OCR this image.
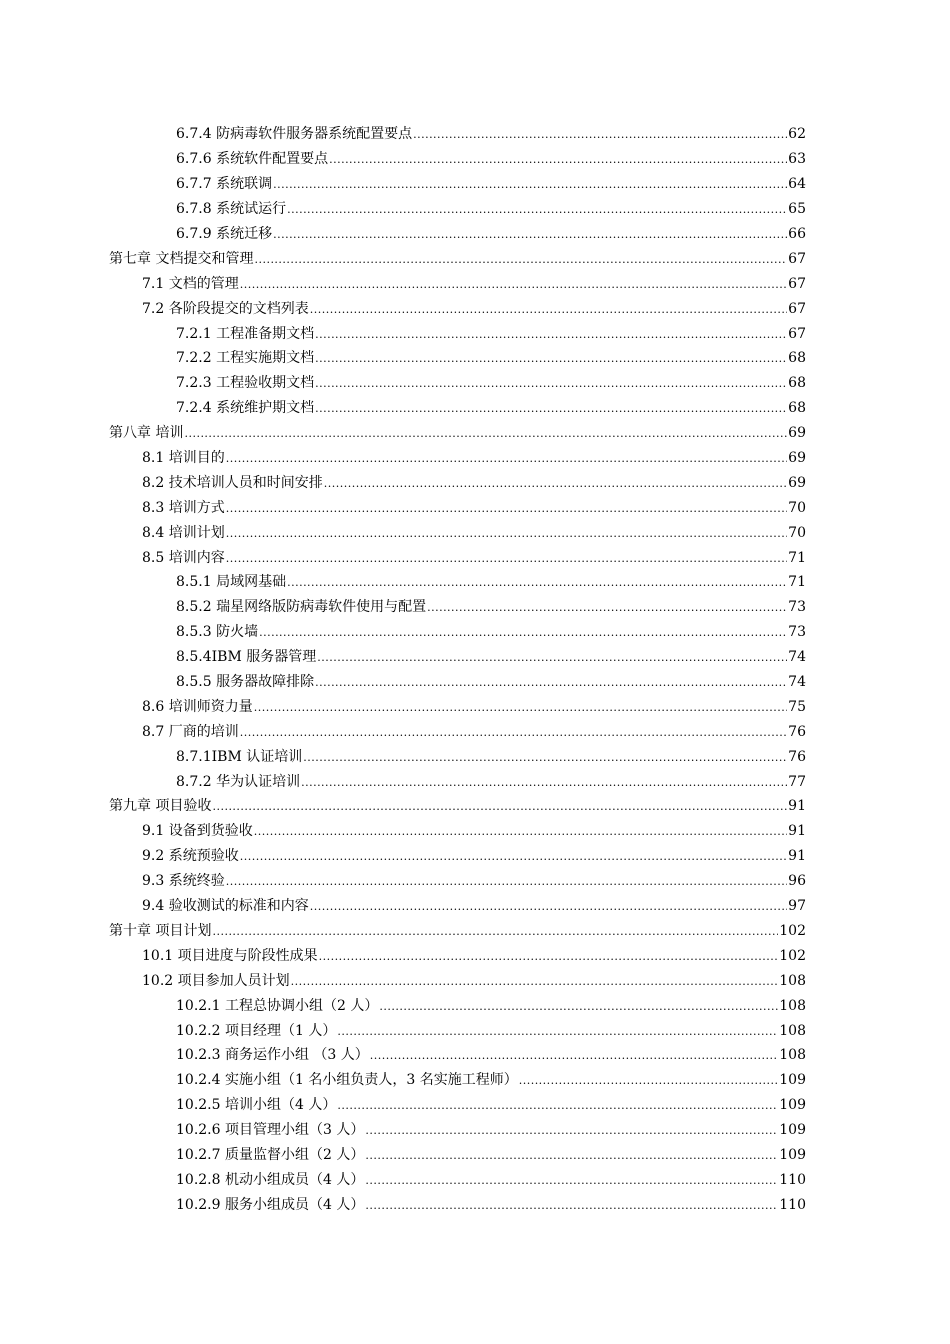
6.7.4 防病毒软件服务器系统配置要点 .....	62
6.7.6 系统软件配置要点 .....	63
6.7.7 系统联调 .....	64
6.7.8 系统试运行 .....	65
6.7.9 系统迁移 .....	66
第七章 文档提交和管理 .....	67
7.1 文档的管理 .....	67
7.2 各阶段提交的文档列表 .....	67
7.2.1 工程准备期文档 .....	67
7.2.2 工程实施期文档 .....	68
7.2.3 工程验收期文档 .....	68
7.2.4 系统维护期文档 .....	68
第八章 培训 .....	69
8.1 培训目的 .....	69
8.2 技术培训人员和时间安排 .....	69
8.3 培训方式 .....	70
8.4 培训计划 .....	70
8.5 培训内容 .....	71
8.5.1 局域网基础 .....	71
8.5.2 瑞星网络版防病毒软件使用与配置 .....	73
8.5.3 防火墙 .....	73
8.5.4IBM 服务器管理 .....	74
8.5.5 服务器故障排除 .....	74
8.6 培训师资力量 .....	75
8.7 厂商的培训 .....	76
8.7.1IBM 认证培训 .....	76
8.7.2 华为认证培训 .....	77
第九章 项目验收 .....	91
9.1 设备到货验收 .....	91
9.2 系统预验收 .....	91
9.3 系统终验 .....	96
9.4 验收测试的标准和内容 .....	97
第十章 项目计划 .....	102
10.1 项目进度与阶段性成果 .....	102
10.2 项目参加人员计划 .....	108
10.2.1 工程总协调小组（2 人） .....	108
10.2.2 项目经理（1 人） .....	108
10.2.3 商务运作小组 （3 人） .....	108
10.2.4 实施小组（1 名小组负责人，3 名实施工程师） .....	109
10.2.5 培训小组（4 人） .....	109
10.2.6 项目管理小组（3 人） .....	109
10.2.7 质量监督小组（2 人） .....	109
10.2.8 机动小组成员（4 人） .....	110
10.2.9 服务小组成员（4 人） .....	110
